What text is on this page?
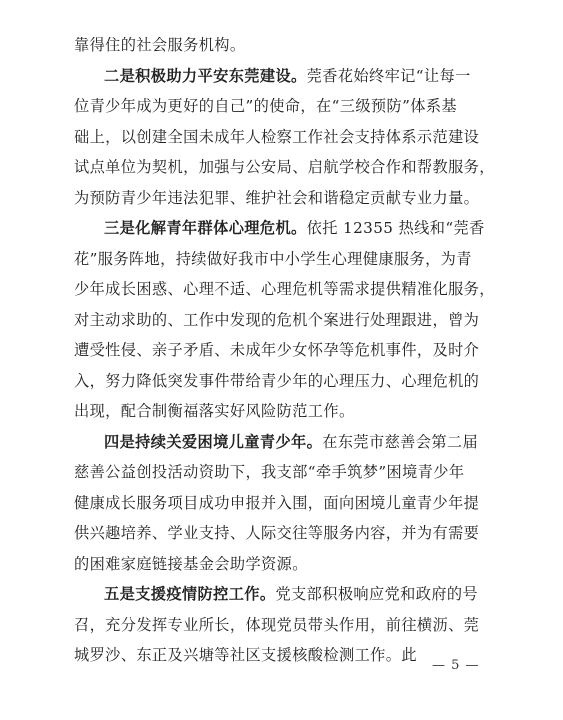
靠得住的社会服务机构。
二是积极助力平安东莞建设。莞香花始终牢记“让每一
位青少年成为更好的自己”的使命，在“三级预防”体系基
础上，以创建全国未成年人检察工作社会支持体系示范建设
试点单位为契机，加强与公安局、启航学校合作和帮教服务，
为预防青少年违法犯罪、维护社会和谐稳定贡献专业力量。
三是化解青年群体心理危机。依托 12355 热线和“莞香
花”服务阵地，持续做好我市中小学生心理健康服务，为青
少年成长困惑、心理不适、心理危机等需求提供精准化服务，
对主动求助的、工作中发现的危机个案进行处理跟进，曾为
遭受性侵、亲子矛盾、未成年少女怀孕等危机事件，及时介
入，努力降低突发事件带给青少年的心理压力、心理危机的
出现，配合制衡福落实好风险防范工作。
四是持续关爱困境儿童青少年。在东莞市慈善会第二届
慈善公益创投活动资助下，我支部“牵手筑梦”困境青少年
健康成长服务项目成功申报并入围，面向困境儿童青少年提
供兴趣培养、学业支持、人际交往等服务内容，并为有需要
的困难家庭链接基金会助学资源。
五是支援疫情防控工作。党支部积极响应党和政府的号
召，充分发挥专业所长，体现党员带头作用，前往横沥、莞
城罗沙、东正及兴塘等社区支援核酸检测工作。此
— 5 —
